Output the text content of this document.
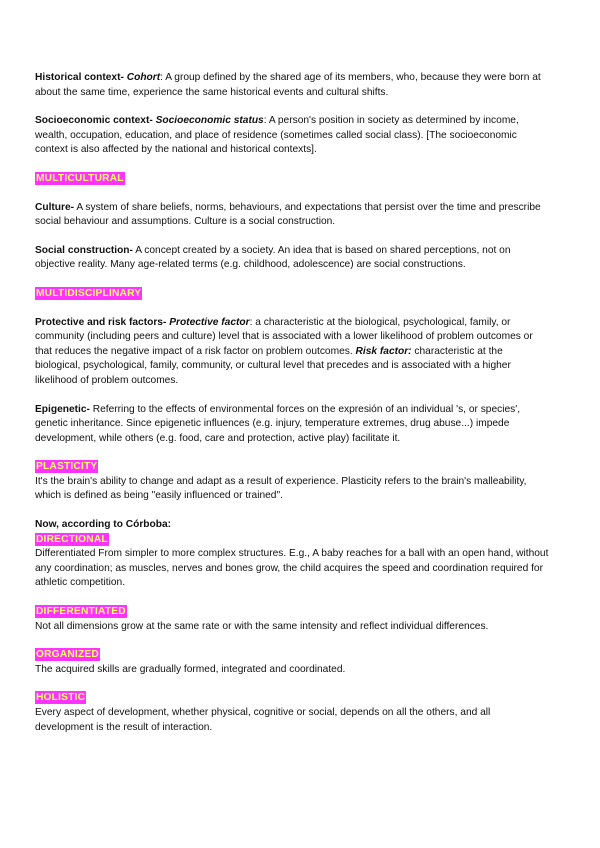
Historical context- Cohort: A group defined by the shared age of its members, who, because they were born at about the same time, experience the same historical events and cultural shifts.

Socioeconomic context- Socioeconomic status: A person's position in society as determined by income, wealth, occupation, education, and place of residence (sometimes called social class). [The socioeconomic context is also affected by the national and historical contexts].

MULTICULTURAL

Culture- A system of share beliefs, norms, behaviours, and expectations that persist over the time and prescribe social behaviour and assumptions. Culture is a social construction.

Social construction- A concept created by a society. An idea that is based on shared perceptions, not on objective reality. Many age-related terms (e.g. childhood, adolescence) are social constructions.

MULTIDISCIPLINARY

Protective and risk factors- Protective factor: a characteristic at the biological, psychological, family, or community (including peers and culture) level that is associated with a lower likelihood of problem outcomes or that reduces the negative impact of a risk factor on problem outcomes. Risk factor: characteristic at the biological, psychological, family, community, or cultural level that precedes and is associated with a higher likelihood of problem outcomes.

Epigenetic- Referring to the effects of environmental forces on the expresión of an individual 's, or species', genetic inheritance. Since epigenetic influences (e.g. injury, temperature extremes, drug abuse...) impede development, while others (e.g. food, care and protection, active play) facilitate it.

PLASTICITY

It's the brain's ability to change and adapt as a result of experience. Plasticity refers to the brain's malleability, which is defined as being "easily influenced or trained".

Now, according to Córboba:

DIRECTIONAL

Differentiated From simpler to more complex structures. E.g., A baby reaches for a ball with an open hand, without any coordination; as muscles, nerves and bones grow, the child acquires the speed and coordination required for athletic competition.

DIFFERENTIATED

Not all dimensions grow at the same rate or with the same intensity and reflect individual differences.

ORGANIZED

The acquired skills are gradually formed, integrated and coordinated.

HOLISTIC

Every aspect of development, whether physical, cognitive or social, depends on all the others, and all development is the result of interaction.
